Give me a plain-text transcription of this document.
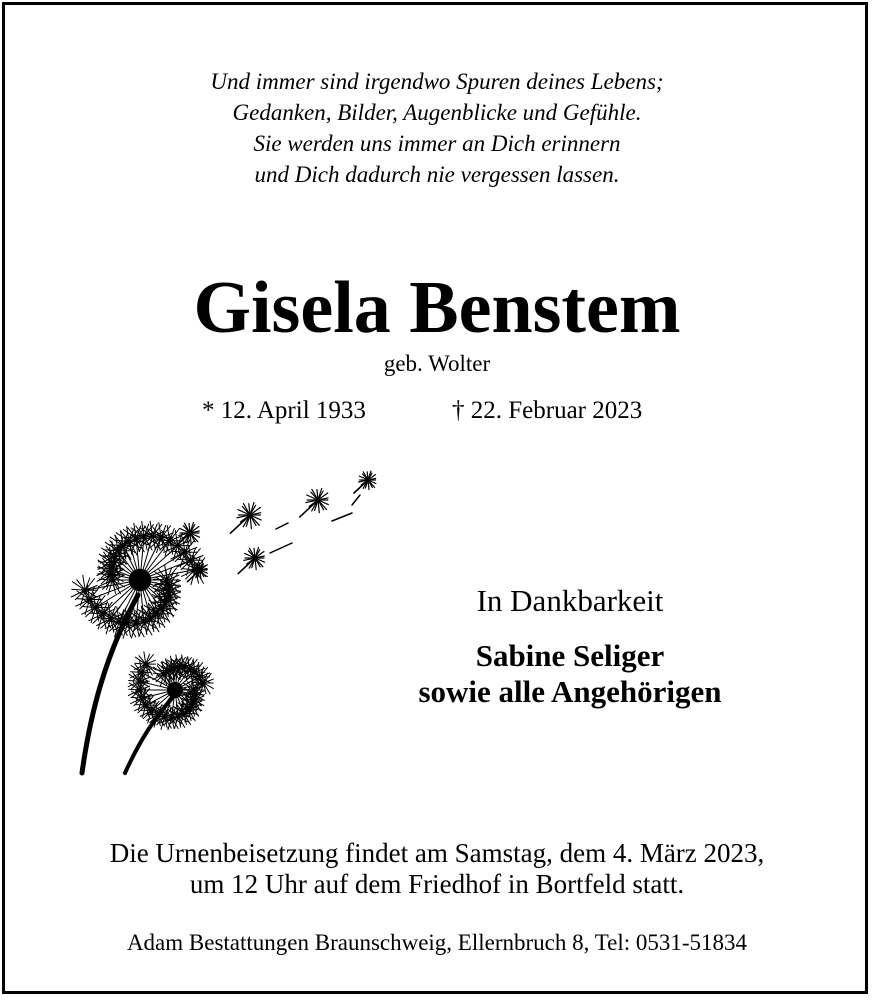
Und immer sind irgendwo Spuren deines Lebens;
Gedanken, Bilder, Augenblicke und Gefühle.
Sie werden uns immer an Dich erinnern
und Dich dadurch nie vergessen lassen.
Gisela Benstem
geb. Wolter
* 12. April 1933	† 22. Februar 2023
In Dankbarkeit
Sabine Seliger
sowie alle Angehörigen
Die Urnenbeisetzung findet am Samstag, dem 4. März 2023,
um 12 Uhr auf dem Friedhof in Bortfeld statt.
Adam Bestattungen Braunschweig, Ellernbruch 8, Tel: 0531-51834
